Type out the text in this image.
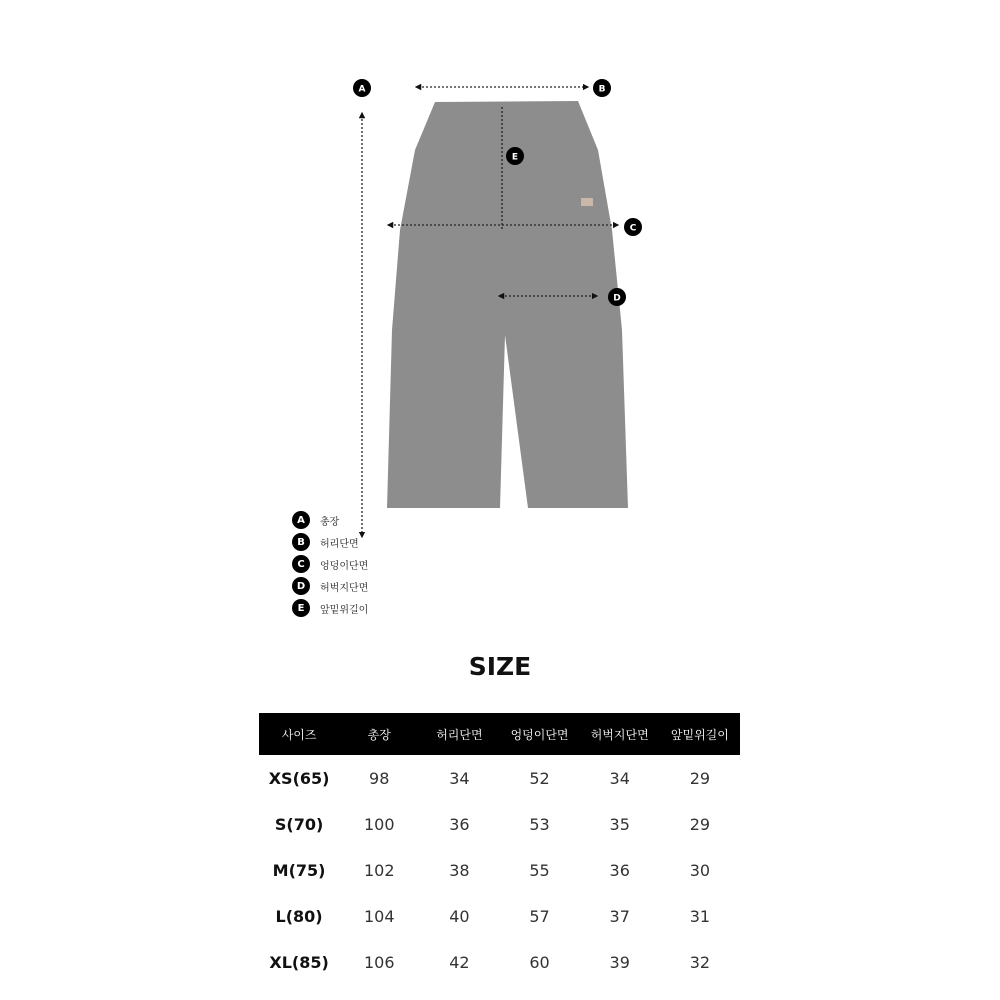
A	B
C
D
E
A	총장
B	허리단면
C	엉덩이단면
D	허벅지단면
E	앞밑위길이
SIZE
사이즈	총장	허리단면	엉덩이단면	허벅지단면	앞밑위길이
XS(65)	98	34	52	34	29
S(70)	100	36	53	35	29
M(75)	102	38	55	36	30
L(80)	104	40	57	37	31
XL(85)	106	42	60	39	32
